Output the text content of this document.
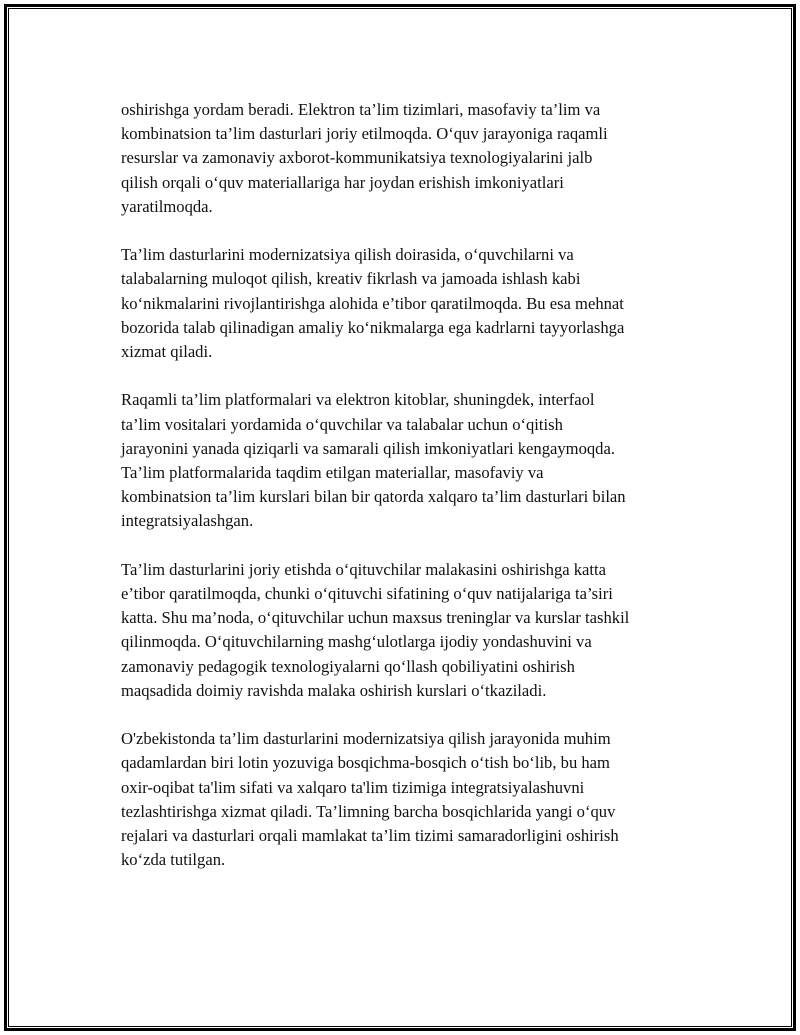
oshirishga yordam beradi. Elektron ta’lim tizimlari, masofaviy ta’lim va
kombinatsion ta’lim dasturlari joriy etilmoqda. O‘quv jarayoniga raqamli
resurslar va zamonaviy axborot-kommunikatsiya texnologiyalarini jalb
qilish orqali o‘quv materiallariga har joydan erishish imkoniyatlari
yaratilmoqda.

Ta’lim dasturlarini modernizatsiya qilish doirasida, o‘quvchilarni va
talabalarning muloqot qilish, kreativ fikrlash va jamoada ishlash kabi
ko‘nikmalarini rivojlantirishga alohida e’tibor qaratilmoqda. Bu esa mehnat
bozorida talab qilinadigan amaliy ko‘nikmalarga ega kadrlarni tayyorlashga
xizmat qiladi.

Raqamli ta’lim platformalari va elektron kitoblar, shuningdek, interfaol
ta’lim vositalari yordamida o‘quvchilar va talabalar uchun o‘qitish
jarayonini yanada qiziqarli va samarali qilish imkoniyatlari kengaymoqda.
Ta’lim platformalarida taqdim etilgan materiallar, masofaviy va
kombinatsion ta’lim kurslari bilan bir qatorda xalqaro ta’lim dasturlari bilan
integratsiyalashgan.

Ta’lim dasturlarini joriy etishda o‘qituvchilar malakasini oshirishga katta
e’tibor qaratilmoqda, chunki o‘qituvchi sifatining o‘quv natijalariga ta’siri
katta. Shu ma’noda, o‘qituvchilar uchun maxsus treninglar va kurslar tashkil
qilinmoqda. O‘qituvchilarning mashg‘ulotlarga ijodiy yondashuvini va
zamonaviy pedagogik texnologiyalarni qo‘llash qobiliyatini oshirish
maqsadida doimiy ravishda malaka oshirish kurslari o‘tkaziladi.

O'zbekistonda ta’lim dasturlarini modernizatsiya qilish jarayonida muhim
qadamlardan biri lotin yozuviga bosqichma-bosqich o‘tish bo‘lib, bu ham
oxir-oqibat ta'lim sifati va xalqaro ta'lim tizimiga integratsiyalashuvni
tezlashtirishga xizmat qiladi. Ta’limning barcha bosqichlarida yangi o‘quv
rejalari va dasturlari orqali mamlakat ta’lim tizimi samaradorligini oshirish
ko‘zda tutilgan.
